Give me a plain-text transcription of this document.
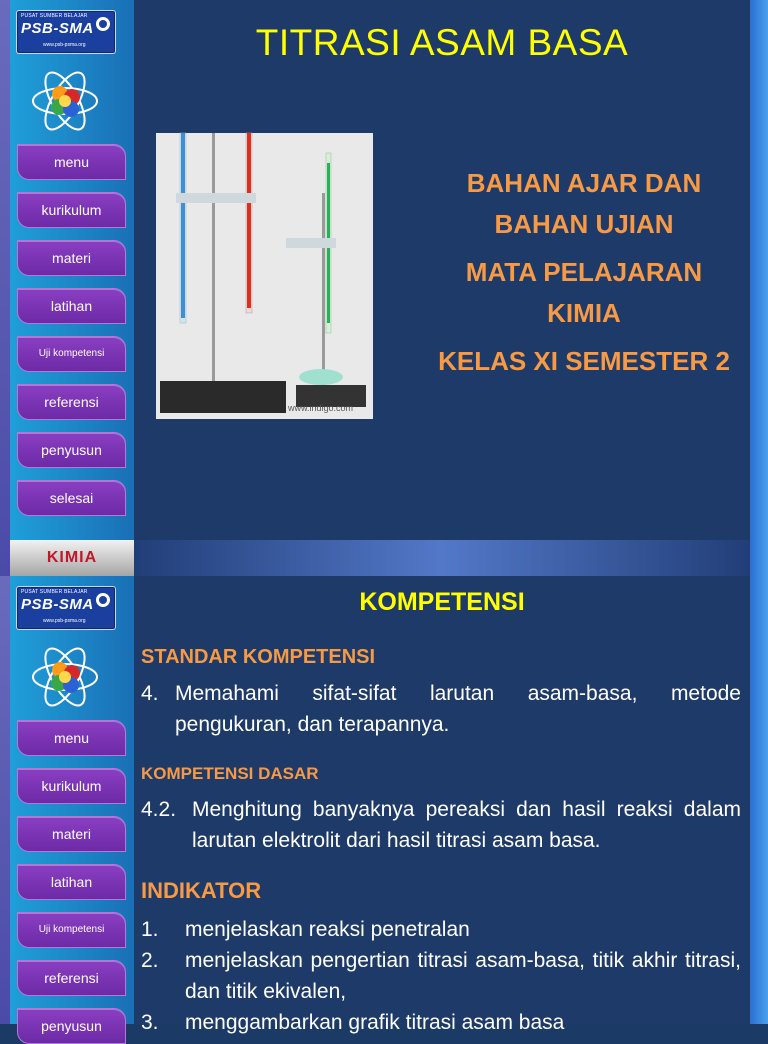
PUSAT SUMBER BELAJAR
PSB-SMA
www.psb-psma.org
menu
kurikulum
materi
latihan
Uji kompetensi
referensi
penyusun
selesai
KIMIA
TITRASI ASAM BASA
www.indigo.com
BAHAN AJAR DAN
BAHAN UJIAN
MATA PELAJARAN
KIMIA
KELAS XI SEMESTER 2
PUSAT SUMBER BELAJAR
PSB-SMA
www.psb-psma.org
menu
kurikulum
materi
latihan
Uji kompetensi
referensi
penyusun
KOMPETENSI
STANDAR KOMPETENSI
4. Memahami sifat-sifat larutan asam-basa, metode pengukuran, dan terapannya.
KOMPETENSI DASAR
4.2. Menghitung banyaknya pereaksi dan hasil reaksi dalam larutan elektrolit dari hasil titrasi asam basa.
INDIKATOR
1.	menjelaskan reaksi penetralan
2.	menjelaskan pengertian titrasi asam-basa, titik akhir titrasi, dan titik ekivalen,
3.	menggambarkan grafik titrasi asam basa
